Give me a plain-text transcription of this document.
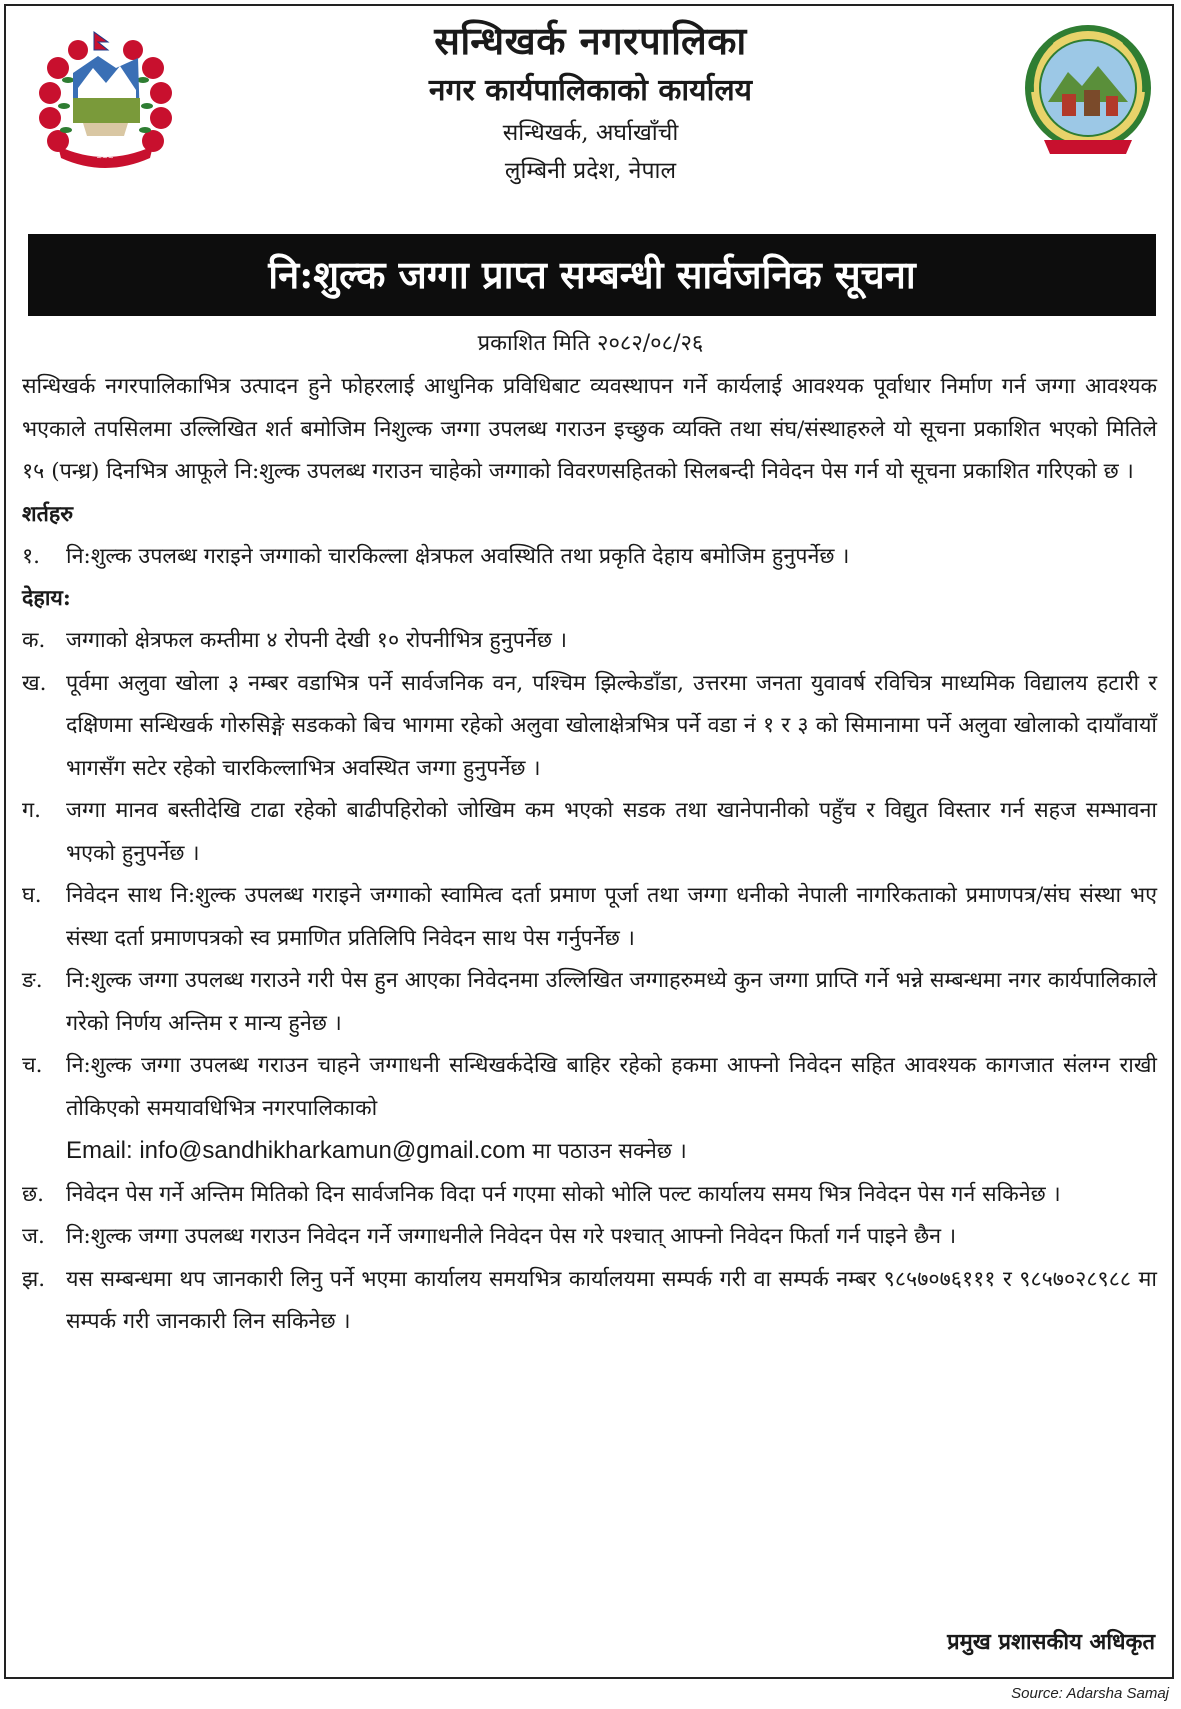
~~~
सन्धिखर्क नगरपालिका
नगर कार्यपालिकाको कार्यालय
सन्धिखर्क, अर्घाखाँची
लुम्बिनी प्रदेश, नेपाल
नि:शुल्क जग्गा प्राप्त सम्बन्धी सार्वजनिक सूचना
प्रकाशित मिति २०८२/०८/२६

सन्धिखर्क नगरपालिकाभित्र उत्पादन हुने फोहरलाई आधुनिक प्रविधिबाट व्यवस्थापन गर्ने कार्यलाई आवश्यक पूर्वाधार निर्माण गर्न जग्गा आवश्यक भएकाले तपसिलमा उल्लिखित शर्त बमोजिम निशुल्क जग्गा उपलब्ध गराउन इच्छुक व्यक्ति तथा संघ/संस्थाहरुले यो सूचना प्रकाशित भएको मितिले १५ (पन्ध्र) दिनभित्र आफूले नि:शुल्क उपलब्ध गराउन चाहेको जग्गाको विवरणसहितको सिलबन्दी निवेदन पेस गर्न यो सूचना प्रकाशित गरिएको छ ।

शर्तहरु

१.	नि:शुल्क उपलब्ध गराइने जग्गाको चारकिल्ला क्षेत्रफल अवस्थिति तथा प्रकृति देहाय बमोजिम हुनुपर्नेछ ।

देहाय:

क. जग्गाको क्षेत्रफल कम्तीमा ४ रोपनी देखी १० रोपनीभित्र हुनुपर्नेछ ।
ख. पूर्वमा अलुवा खोला ३ नम्बर वडाभित्र पर्ने सार्वजनिक वन, पश्चिम झिल्केडाँडा, उत्तरमा जनता युवावर्ष रविचित्र माध्यमिक विद्यालय हटारी र दक्षिणमा सन्धिखर्क गोरुसिङ्गे सडकको बिच भागमा रहेको अलुवा खोलाक्षेत्रभित्र पर्ने वडा नं १ र ३ को सिमानामा पर्ने अलुवा खोलाको दायाँवायाँ भागसँग सटेर रहेको चारकिल्लाभित्र अवस्थित जग्गा हुनुपर्नेछ ।
ग.	जग्गा मानव बस्तीदेखि टाढा रहेको बाढीपहिरोको जोखिम कम भएको सडक तथा खानेपानीको पहुँच र विद्युत विस्तार गर्न सहज सम्भावना भएको हुनुपर्नेछ ।
घ.	निवेदन साथ नि:शुल्क उपलब्ध गराइने जग्गाको स्वामित्व दर्ता प्रमाण पूर्जा तथा जग्गा धनीको नेपाली नागरिकताको प्रमाणपत्र/संघ संस्था भए संस्था दर्ता प्रमाणपत्रको स्व प्रमाणित प्रतिलिपि निवेदन साथ पेस गर्नुपर्नेछ ।
ङ.	नि:शुल्क जग्गा उपलब्ध गराउने गरी पेस हुन आएका निवेदनमा उल्लिखित जग्गाहरुमध्ये कुन जग्गा प्राप्ति गर्ने भन्ने सम्बन्धमा नगर कार्यपालिकाले गरेको निर्णय अन्तिम र मान्य हुनेछ ।
च.	नि:शुल्क जग्गा उपलब्ध गराउन चाहने जग्गाधनी सन्धिखर्कदेखि बाहिर रहेको हकमा आफ्नो निवेदन सहित आवश्यक कागजात संलग्न राखी तोकिएको समयावधिभित्र नगरपालिकाको
Email: info@sandhikharkamun@gmail.com मा पठाउन सक्नेछ ।
छ.	निवेदन पेस गर्ने अन्तिम मितिको दिन सार्वजनिक विदा पर्न गएमा सोको भोलि पल्ट कार्यालय समय भित्र निवेदन पेस गर्न सकिनेछ ।
ज. नि:शुल्क जग्गा उपलब्ध गराउन निवेदन गर्ने जग्गाधनीले निवेदन पेस गरे पश्चात् आफ्नो निवेदन फिर्ता गर्न पाइने छैन ।
झ. यस सम्बन्धमा थप जानकारी लिनु पर्ने भएमा कार्यालय समयभित्र कार्यालयमा सम्पर्क गरी वा सम्पर्क नम्बर ९८५७०७६१११ र ९८५७०२८९८८ मा सम्पर्क गरी जानकारी लिन सकिनेछ ।
प्रमुख प्रशासकीय अधिकृत
Source: Adarsha Samaj
